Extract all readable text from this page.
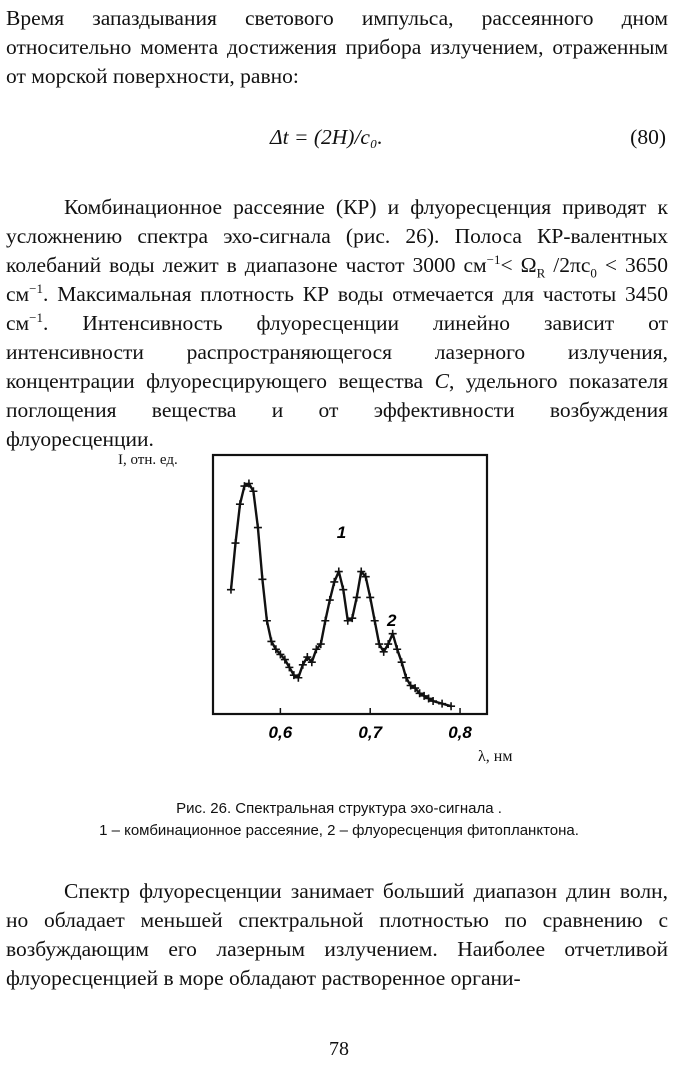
Время запаздывания светового импульса, рассеянного дном относительно момента достижения прибора излучением, отраженным от морской поверхности, равно:

Δt = (2H)/c₀.	(80)

Комбинационное рассеяние (КР) и флуоресценция приводят к усложнению спектра эхо-сигнала (рис. 26). Полоса КР-валентных колебаний воды лежит в диапазоне частот 3000 $см^{-1}< \Omega_R$ $/2\pi c_0 < 3650$ $см^{-1}$. Максимальная плотность КР воды отмечается для частоты 3450 $см^{-1}$. Интенсивность флуоресценции линейно зависит от интенсивности распространяющегося лазерного излучения, концентрации флуоресцирующего вещества С, удельного показателя поглощения вещества и от эффективности возбуждения флуоресценции.

I, отн. ед.
0,6	0,7	0,8
1
2
λ, нм
Рис. 26. Спектральная структура эхо-сигнала .
1 – комбинационное рассеяние, 2 – флуоресценция фитопланктона.

Спектр флуоресценции занимает больший диапазон длин волн, но обладает меньшей спектральной плотностью по сравнению с возбуждающим его лазерным излучением. Наиболее отчетливой флуоресценцией в море обладают растворенное органи-

78
